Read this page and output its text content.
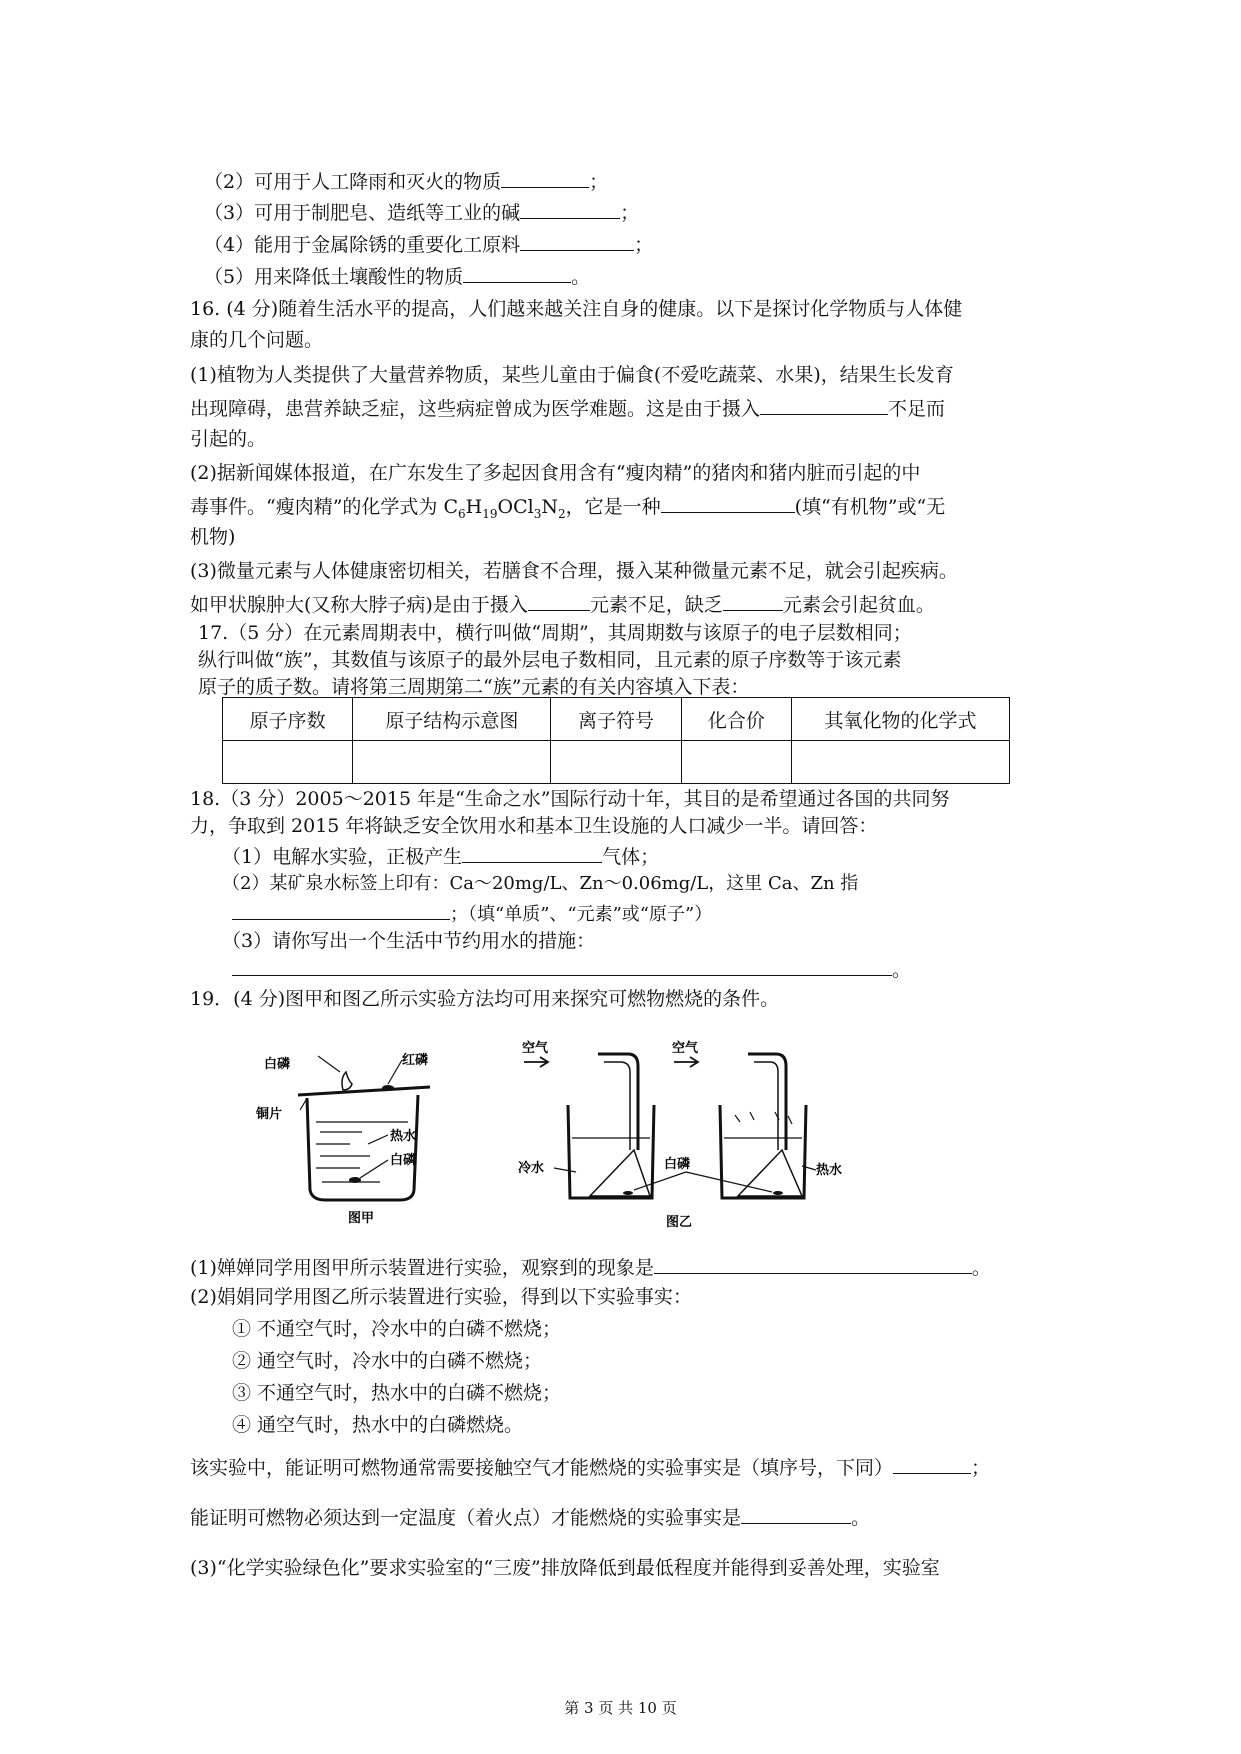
（2）可用于人工降雨和灭火的物质	；
（3）可用于制肥皂、造纸等工业的碱	；
（4）能用于金属除锈的重要化工原料	；
（5）用来降低土壤酸性的物质	。
16. (4 分)随着生活水平的提高，人们越来越关注自身的健康。以下是探讨化学物质与人体健
康的几个问题。
(1)植物为人类提供了大量营养物质，某些儿童由于偏食(不爱吃蔬菜、水果)，结果生长发育
出现障碍，患营养缺乏症，这些病症曾成为医学难题。这是由于摄入	不足而
引起的。
(2)据新闻媒体报道，在广东发生了多起因食用含有“瘦肉精”的猪肉和猪内脏而引起的中
毒事件。“瘦肉精”的化学式为 $C_6H_{19}OCl_3N_2$，它是一种	(填“有机物”或“无
机物)
(3)微量元素与人体健康密切相关，若膳食不合理，摄入某种微量元素不足，就会引起疾病。
如甲状腺肿大(又称大脖子病)是由于摄入	元素不足，缺乏	元素会引起贫血。
17.（5 分）在元素周期表中，横行叫做“周期”，其周期数与该原子的电子层数相同；
纵行叫做“族”，其数值与该原子的最外层电子数相同，且元素的原子序数等于该元素
原子的质子数。请将第三周期第二“族”元素的有关内容填入下表：
原子序数	原子结构示意图	离子符号	化合价	其氧化物的化学式

18.（3 分）2005～2015 年是“生命之水”国际行动十年，其目的是希望通过各国的共同努
力，争取到 2015 年将缺乏安全饮用水和基本卫生设施的人口减少一半。请回答：
（1）电解水实验，正极产生	气体；
（2）某矿泉水标签上印有：Ca～20mg/L、Zn～0.06mg/L，这里 Ca、Zn 指
；（填“单质”、“元素”或“原子”）
（3）请你写出一个生活中节约用水的措施：
。
19．(4 分)图甲和图乙所示实验方法均可用来探究可燃物燃烧的条件。
白磷	红磷
铜片
热水
白磷
图甲
空气	空气
冷水	白磷	热水
图乙
(1)婵婵同学用图甲所示装置进行实验，观察到的现象是	。
(2)娟娟同学用图乙所示装置进行实验，得到以下实验事实：
① 不通空气时，冷水中的白磷不燃烧；
② 通空气时，冷水中的白磷不燃烧；
③ 不通空气时，热水中的白磷不燃烧；
④ 通空气时，热水中的白磷燃烧。
该实验中，能证明可燃物通常需要接触空气才能燃烧的实验事实是（填序号，下同）	；
能证明可燃物必须达到一定温度（着火点）才能燃烧的实验事实是	。
(3)“化学实验绿色化”要求实验室的“三废”排放降低到最低程度并能得到妥善处理，实验室
第 3 页 共 10 页
